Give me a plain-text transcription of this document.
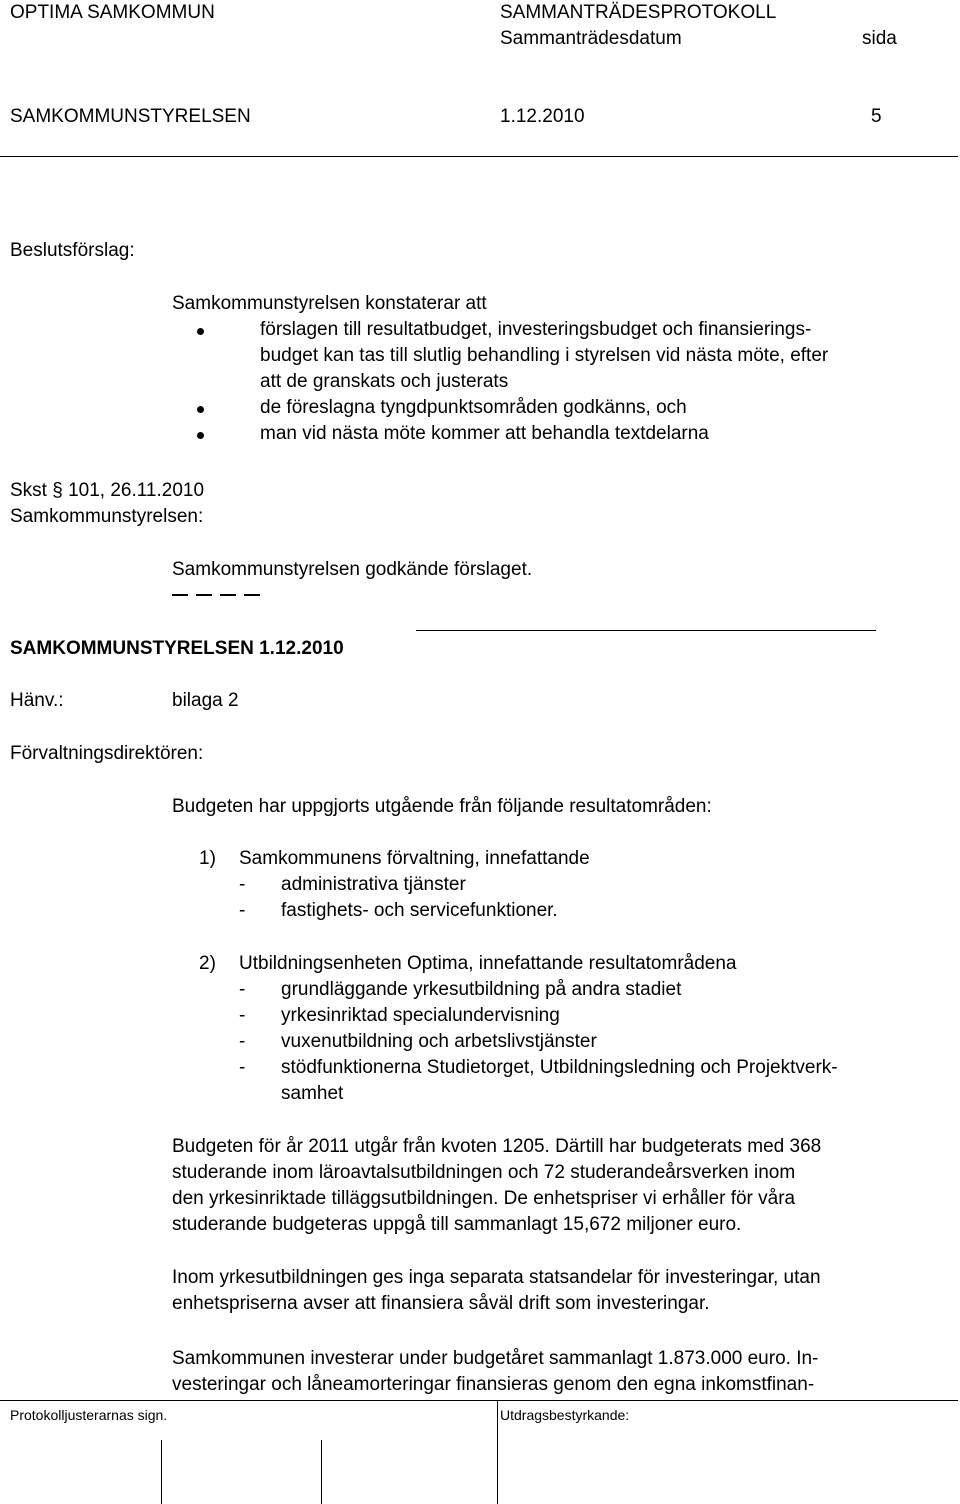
OPTIMA SAMKOMMUN	SAMMANTRÄDESPROTOKOLL
Sammanträdesdatum	sida
SAMKOMMUNSTYRELSEN	1.12.2010	5
Beslutsförslag:
Samkommunstyrelsen konstaterar att
förslagen till resultatbudget, investeringsbudget och finansierings-
budget kan tas till slutlig behandling i styrelsen vid nästa möte, efter
att de granskats och justerats
de föreslagna tyngdpunktsområden godkänns, och
man vid nästa möte kommer att behandla textdelarna
Skst § 101, 26.11.2010
Samkommunstyrelsen:
Samkommunstyrelsen godkände förslaget.
SAMKOMMUNSTYRELSEN 1.12.2010
Hänv.:	bilaga 2
Förvaltningsdirektören:
Budgeten har uppgjorts utgående från följande resultatområden:
1) Samkommunens förvaltning, innefattande
- administrativa tjänster
- fastighets- och servicefunktioner.
2) Utbildningsenheten Optima, innefattande resultatområdena
- grundläggande yrkesutbildning på andra stadiet
- yrkesinriktad specialundervisning
- vuxenutbildning och arbetslivstjänster
- stödfunktionerna Studietorget, Utbildningsledning och Projektverk-
samhet
Budgeten för år 2011 utgår från kvoten 1205. Därtill har budgeterats med 368
studerande inom läroavtalsutbildningen och 72 studerandeårsverken inom
den yrkesinriktade tilläggsutbildningen. De enhetspriser vi erhåller för våra
studerande budgeteras uppgå till sammanlagt 15,672 miljoner euro.
Inom yrkesutbildningen ges inga separata statsandelar för investeringar, utan
enhetspriserna avser att finansiera såväl drift som investeringar.
Samkommunen investerar under budgetåret sammanlagt 1.873.000 euro. In-
vesteringar och låneamorteringar finansieras genom den egna inkomstfinan-
Protokolljusterarnas sign.	Utdragsbestyrkande:
